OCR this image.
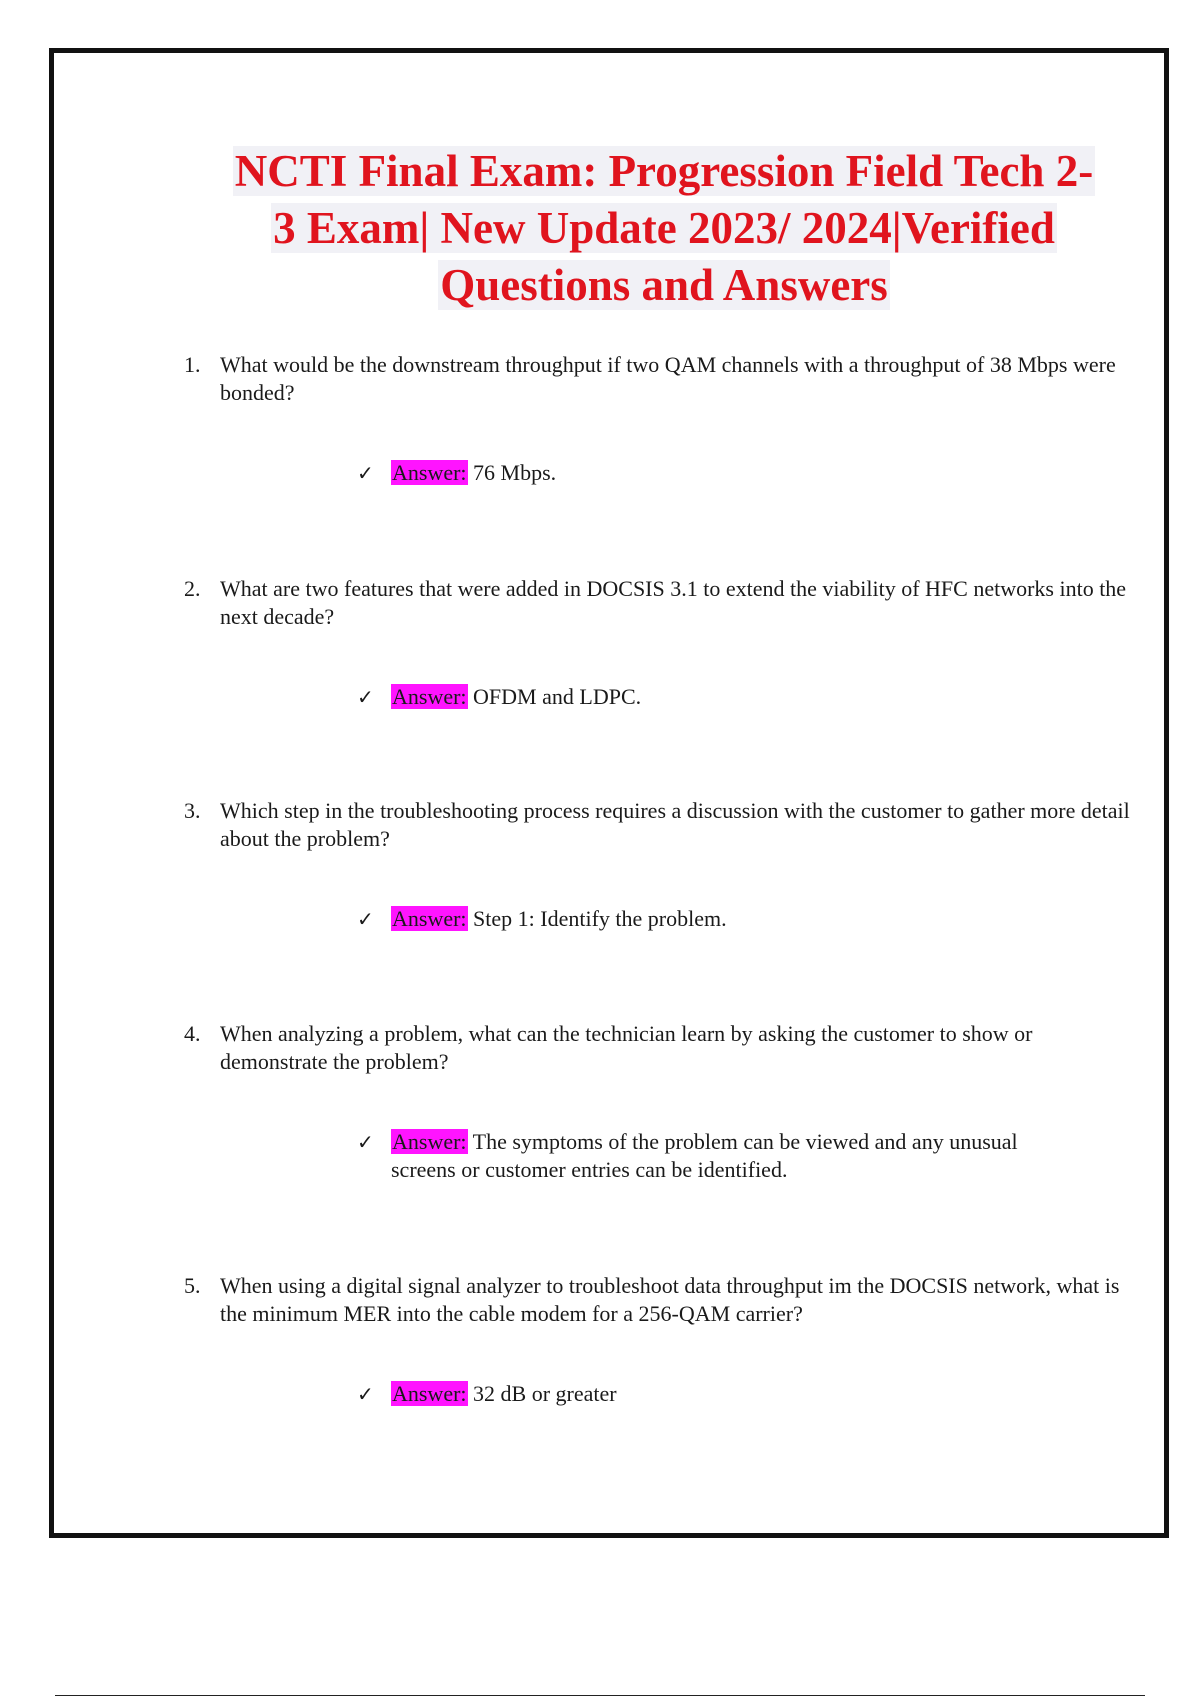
NCTI Final Exam: Progression Field Tech 2-
3 Exam| New Update 2023/ 2024|Verified
Questions and Answers
1. What would be the downstream throughput if two QAM channels with a throughput of 38 Mbps were bonded?
✓ Answer: 76 Mbps.
2. What are two features that were added in DOCSIS 3.1 to extend the viability of HFC networks into the next decade?
✓ Answer: OFDM and LDPC.
3. Which step in the troubleshooting process requires a discussion with the customer to gather more detail about the problem?
✓ Answer: Step 1: Identify the problem.
4. When analyzing a problem, what can the technician learn by asking the customer to show or demonstrate the problem?
✓ Answer: The symptoms of the problem can be viewed and any unusual screens or customer entries can be identified.
5. When using a digital signal analyzer to troubleshoot data throughput im the DOCSIS network, what is the minimum MER into the cable modem for a 256-QAM carrier?
✓ Answer: 32 dB or greater
